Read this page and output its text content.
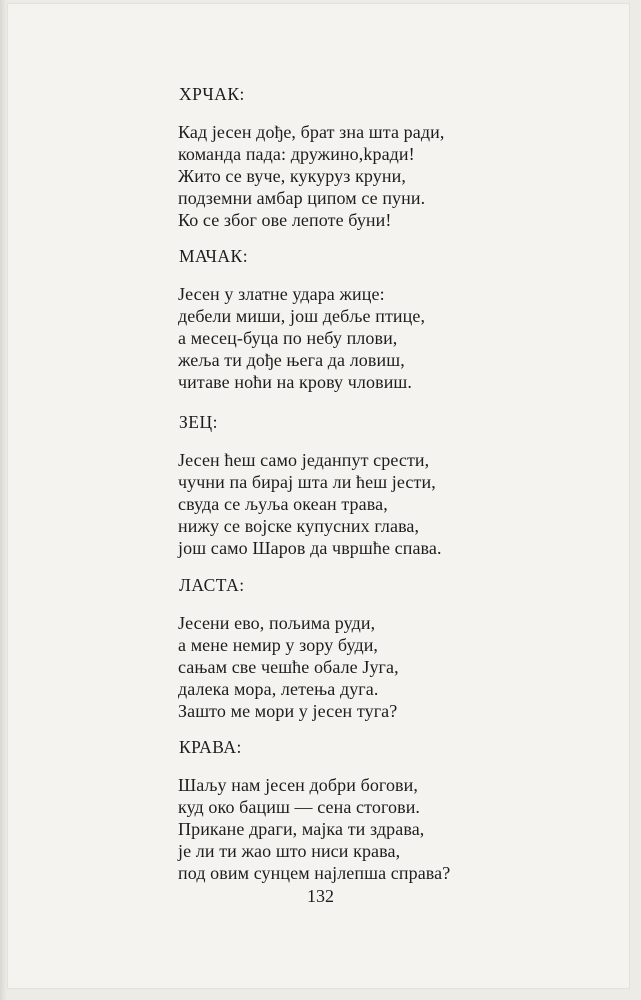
ХРЧАК:
Кад јесен дође, брат зна шта ради,
команда пада: дружино,kради!
Жито се вуче, кукуруз круни,
подземни амбар ципом се пуни.
Ко се због ове лепоте буни!
МАЧАК:
Јесен у златне удара жице:
дебели миши, још дебље птице,
а месец-буца по небу плови,
жеља ти дође њега да ловиш,
читаве ноћи на крову чловиш.
ЗЕЦ:
Јесен ћеш само једанпут срести,
чучни па бирај шта ли ћеш јести,
свуда се љуља океан трава,
нижу се војске купусних глава,
још само Шаров да чвршће спава.
ЛАСТА:
Јесени ево, пољима руди,
а мене немир у зору буди,
сањам све чешће обале Југа,
далека мора, летења дуга.
Зашто ме мори у јесен туга?
КРАВА:
Шаљу нам јесен добри богови,
куд око бациш — сена стогови.
Прикане драги, мајка ти здрава,
је ли ти жао што ниси крава,
под овим сунцем најлепша справа?
132
